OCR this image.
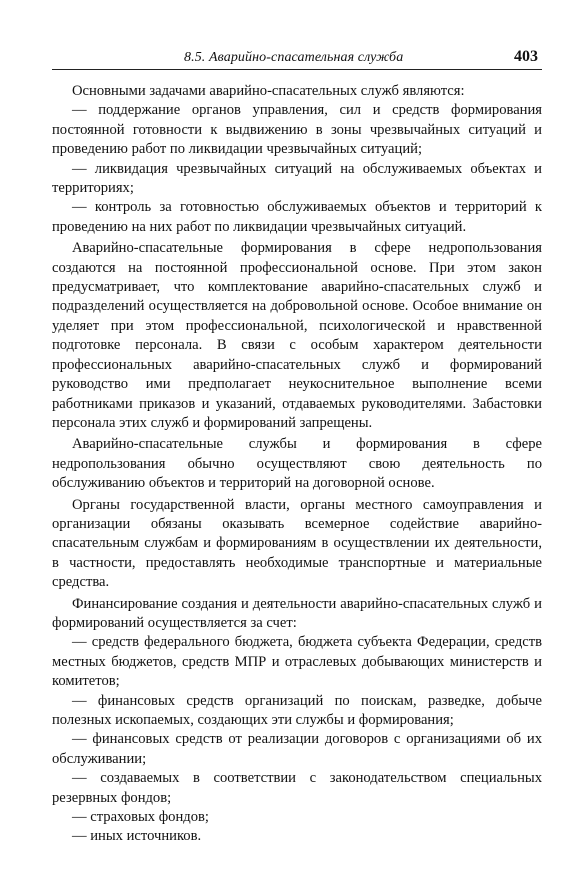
8.5. Аварийно-спасательная служба	403

Основными задачами аварийно-спасательных служб являются:

— поддержание органов управления, сил и средств формирования постоянной готовности к выдвижению в зоны чрезвычайных ситуаций и проведению работ по ликвидации чрезвычайных ситуаций;

— ликвидация чрезвычайных ситуаций на обслуживаемых объектах и территориях;

— контроль за готовностью обслуживаемых объектов и территорий к проведению на них работ по ликвидации чрезвычайных ситуаций.

Аварийно-спасательные формирования в сфере недропользования создаются на постоянной профессиональной основе. При этом закон предусматривает, что комплектование аварийно-спасательных служб и подразделений осуществляется на добровольной основе. Особое внимание он уделяет при этом профессиональной, психологической и нравственной подготовке персонала. В связи с особым характером деятельности профессиональных аварийно-спасательных служб и формирований руководство ими предполагает неукоснительное выполнение всеми работниками приказов и указаний, отдаваемых руководителями. Забастовки персонала этих служб и формирований запрещены.

Аварийно-спасательные службы и формирования в сфере недропользования обычно осуществляют свою деятельность по обслуживанию объектов и территорий на договорной основе.

Органы государственной власти, органы местного самоуправления и организации обязаны оказывать всемерное содействие аварийно-спасательным службам и формированиям в осуществлении их деятельности, в частности, предоставлять необходимые транспортные и материальные средства.

Финансирование создания и деятельности аварийно-спасательных служб и формирований осуществляется за счет:

— средств федерального бюджета, бюджета субъекта Федерации, средств местных бюджетов, средств МПР и отраслевых добывающих министерств и комитетов;

— финансовых средств организаций по поискам, разведке, добыче полезных ископаемых, создающих эти службы и формирования;

— финансовых средств от реализации договоров с организациями об их обслуживании;

— создаваемых в соответствии с законодательством специальных резервных фондов;

— страховых фондов;

— иных источников.
